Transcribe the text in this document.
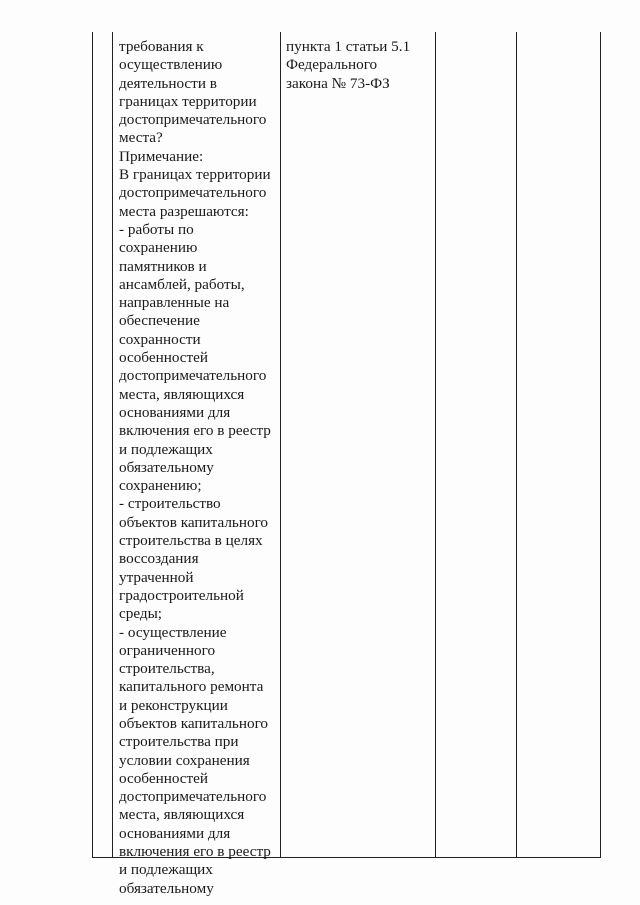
требования к
осуществлению
деятельности в
границах территории
достопримечательного
места?
Примечание:
В границах территории
достопримечательного
места разрешаются:
- работы по
сохранению
памятников и
ансамблей, работы,
направленные на
обеспечение
сохранности
особенностей
достопримечательного
места, являющихся
основаниями для
включения его в реестр
и подлежащих
обязательному
сохранению;
- строительство
объектов капитального
строительства в целях
воссоздания
утраченной
градостроительной
среды;
- осуществление
ограниченного
строительства,
капитального ремонта
и реконструкции
объектов капитального
строительства при
условии сохранения
особенностей
достопримечательного
места, являющихся
основаниями для
включения его в реестр
и подлежащих
обязательному
пункта 1 статьи 5.1
Федерального
закона № 73-ФЗ
